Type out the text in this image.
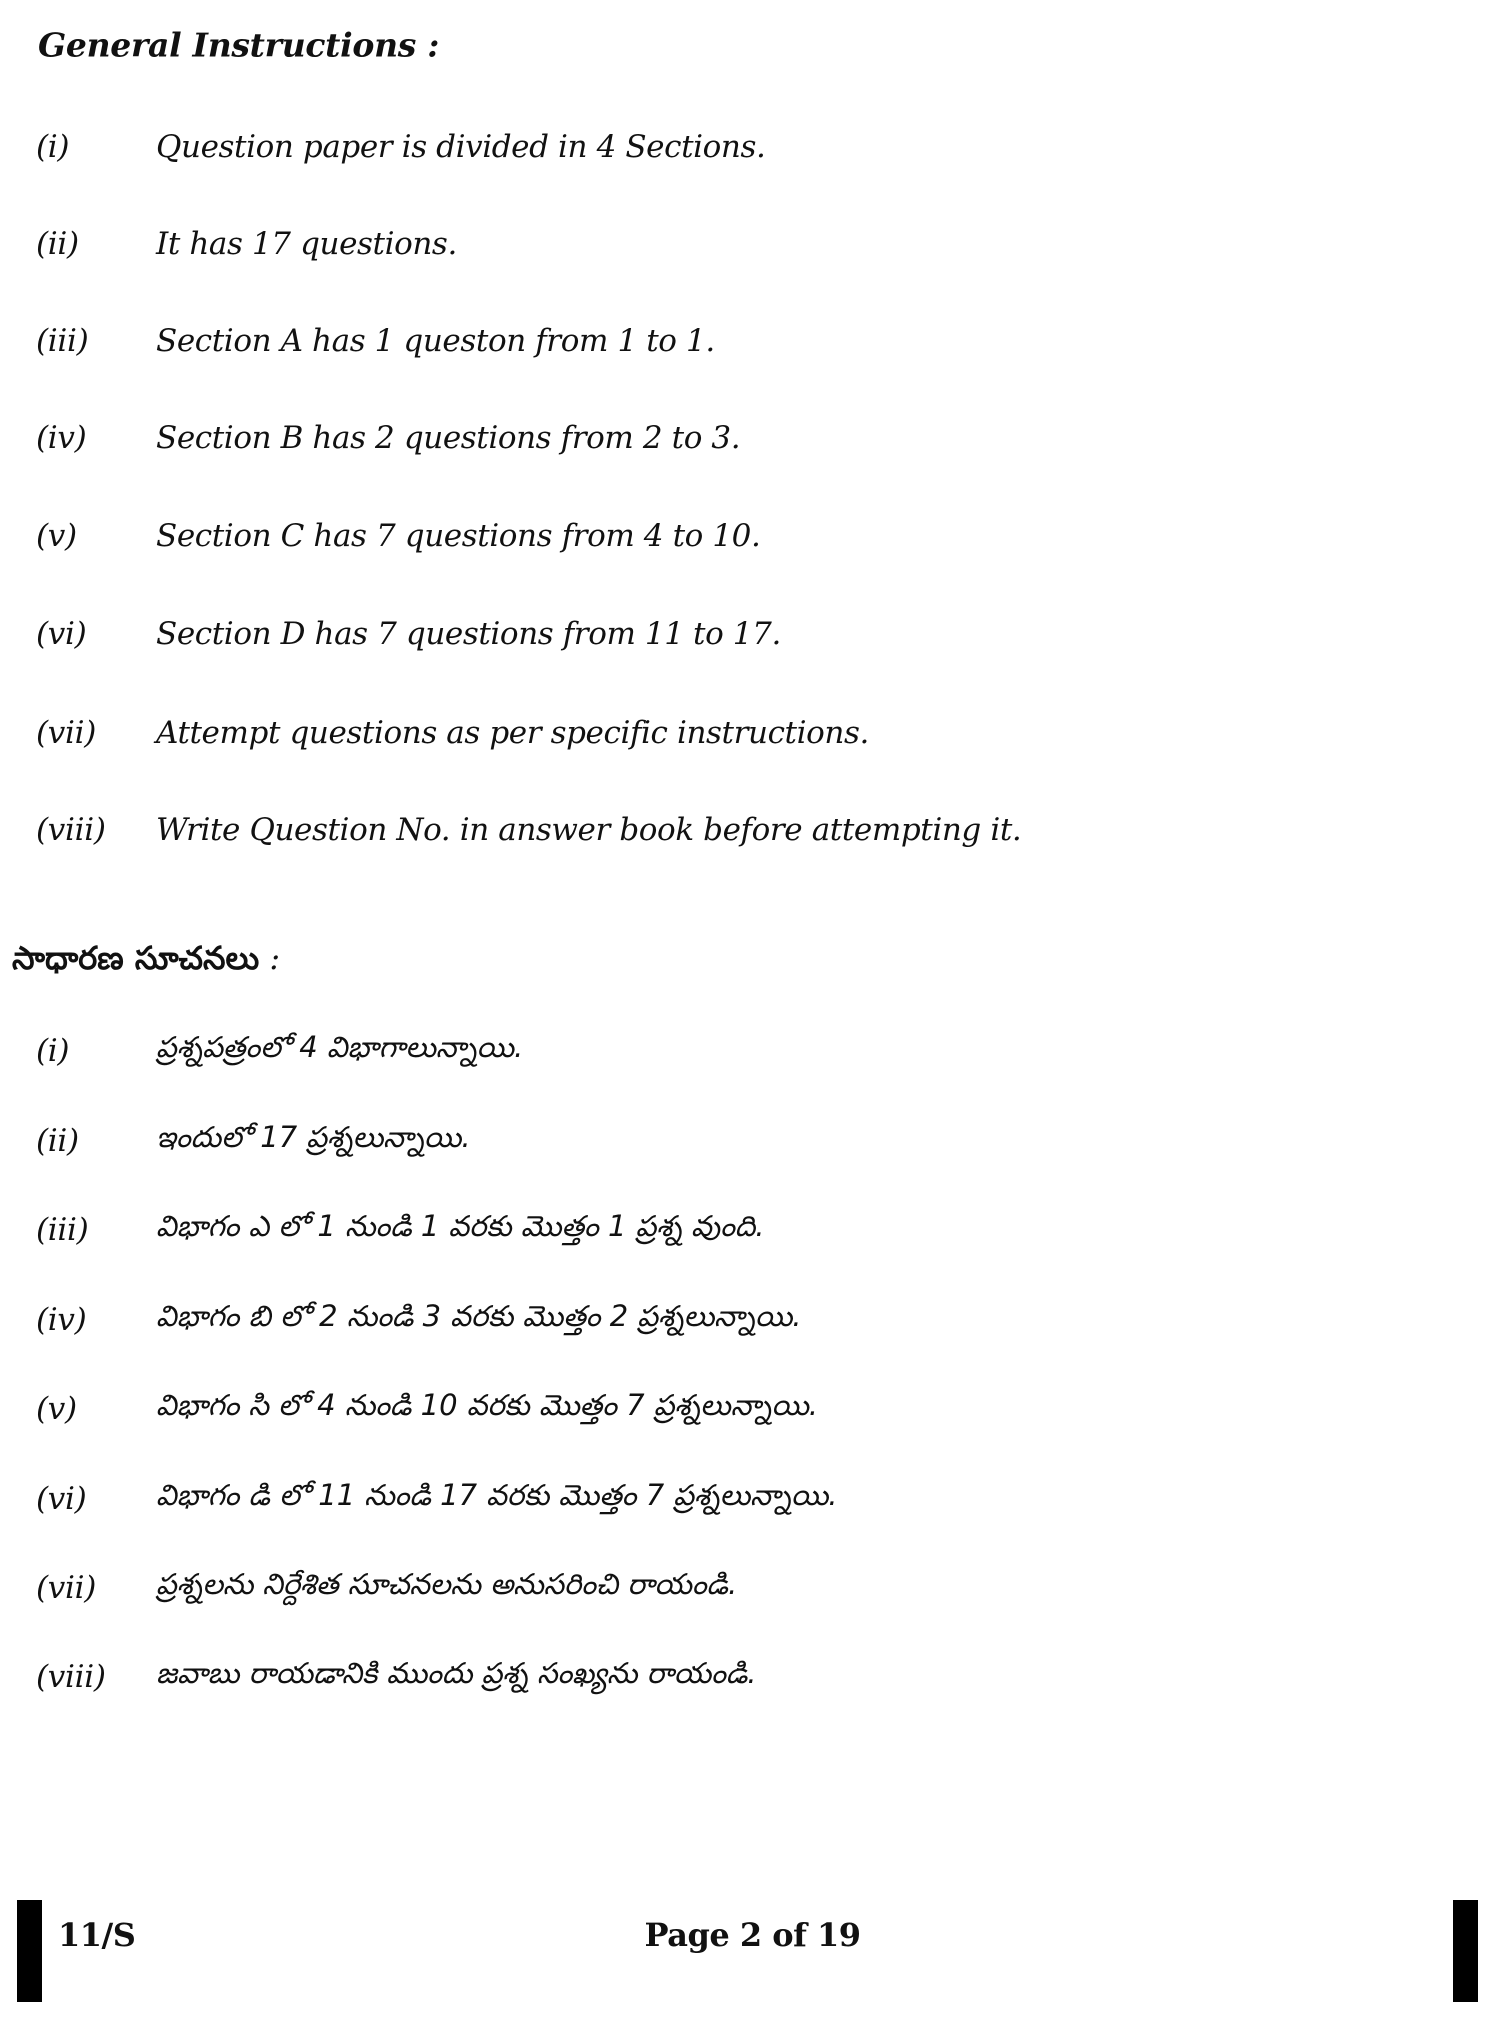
General Instructions :
(i)	Question paper is divided in 4 Sections.
(ii) It has 17 questions.
(iii) Section A has 1 queston from 1 to 1.
(iv) Section B has 2 questions from 2 to 3.
(v)	Section C has 7 questions from 4 to 10.
(vi) Section D has 7 questions from 11 to 17.
(vii) Attempt questions as per specific instructions.
(viii) Write Question No. in answer book before attempting it.
సాధారణ సూచనలు :
(i)	ప్రశ్నపత్రంలో 4 విభాగాలున్నాయి.
(ii)	ఇందులో 17 ప్రశ్నలున్నాయి.
(iii) విభాగం ఎ లో 1 నుండి 1 వరకు మొత్తం 1 ప్రశ్న వుంది.
(iv) విభాగం బి లో 2 నుండి 3 వరకు మొత్తం 2 ప్రశ్నలున్నాయి.
(v)	విభాగం సి లో 4 నుండి 10 వరకు మొత్తం 7 ప్రశ్నలున్నాయి.
(vi) విభాగం డి లో 11 నుండి 17 వరకు మొత్తం 7 ప్రశ్నలున్నాయి.
(vii) ప్రశ్నలను నిర్దేశిత సూచనలను అనుసరించి రాయండి.
(viii) జవాబు రాయడానికి ముందు ప్రశ్న సంఖ్యను రాయండి.
11/S	Page 2 of 19
